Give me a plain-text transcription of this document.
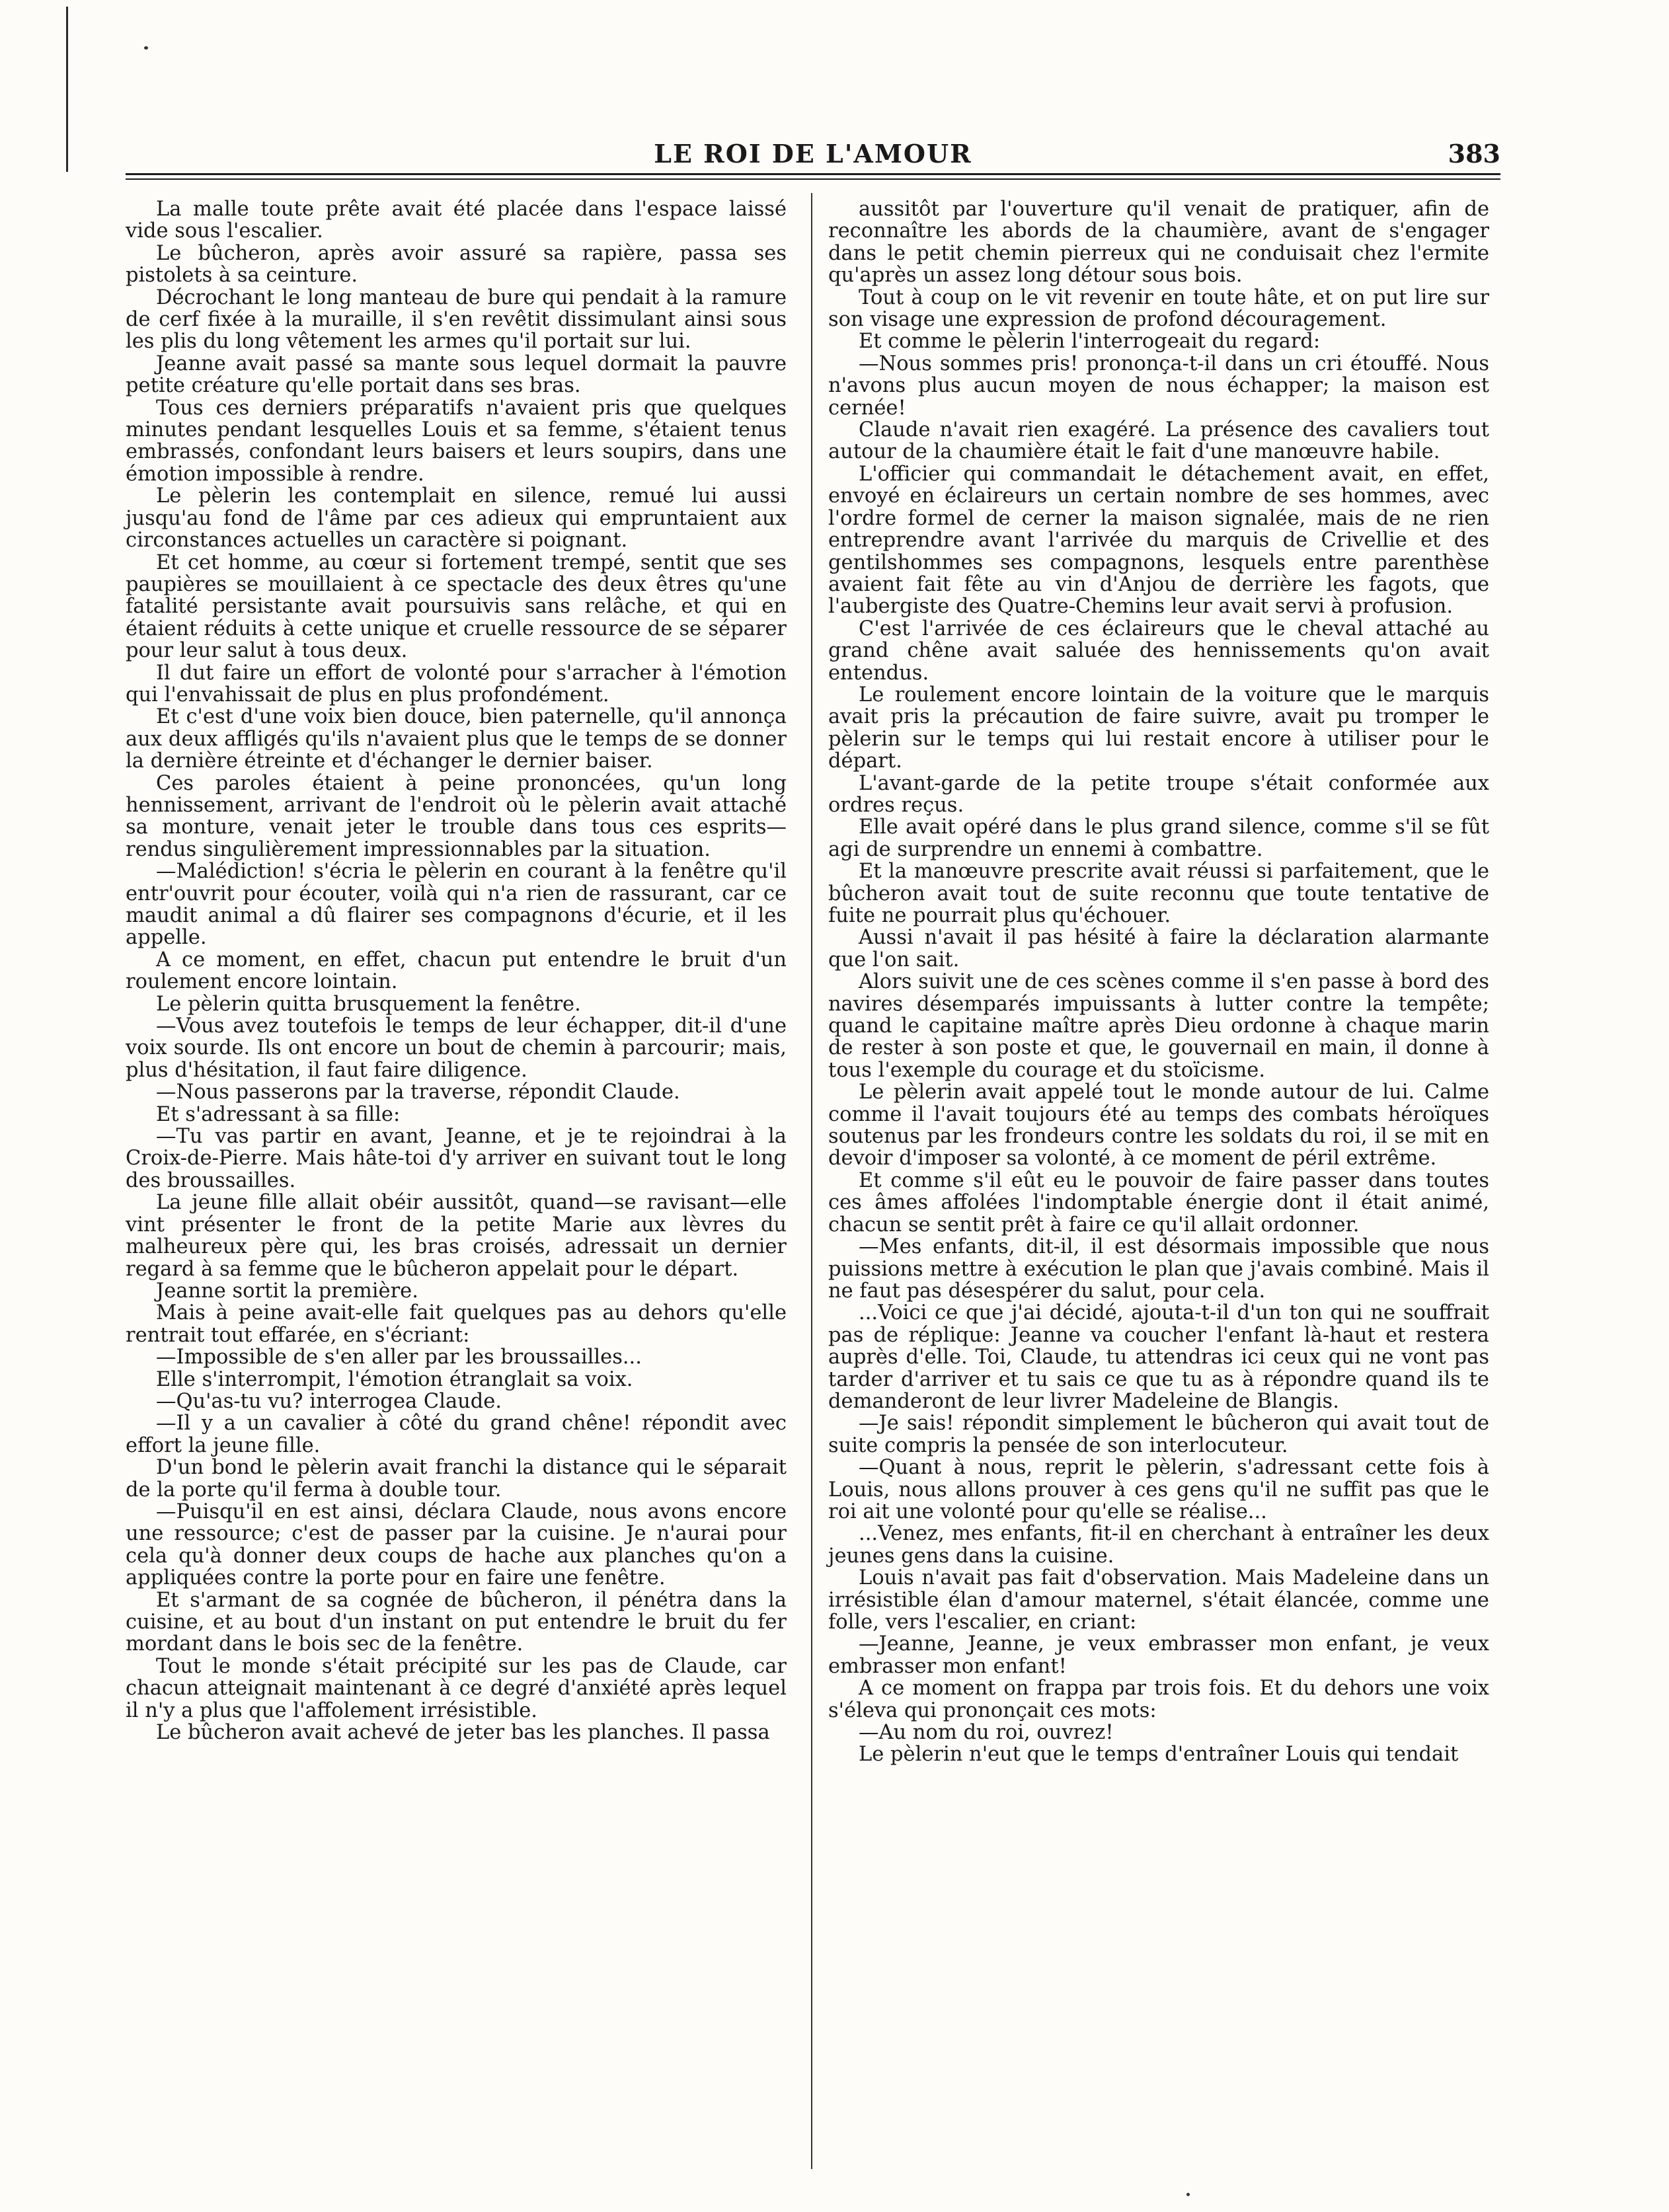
LE ROI DE L'AMOUR	383

La malle toute prête avait été placée dans l'espace laissé vide sous l'escalier.

Le bûcheron, après avoir assuré sa rapière, passa ses pistolets à sa ceinture.

Décrochant le long manteau de bure qui pendait à la ramure de cerf fixée à la muraille, il s'en revêtit dissimulant ainsi sous les plis du long vêtement les armes qu'il portait sur lui.

Jeanne avait passé sa mante sous lequel dormait la pauvre petite créature qu'elle portait dans ses bras.

Tous ces derniers préparatifs n'avaient pris que quelques minutes pendant lesquelles Louis et sa femme, s'étaient tenus embrassés, confondant leurs baisers et leurs soupirs, dans une émotion impossible à rendre.

Le pèlerin les contemplait en silence, remué lui aussi jusqu'au fond de l'âme par ces adieux qui empruntaient aux circonstances actuelles un caractère si poignant.

Et cet homme, au cœur si fortement trempé, sentit que ses paupières se mouillaient à ce spectacle des deux êtres qu'une fatalité persistante avait poursuivis sans relâche, et qui en étaient réduits à cette unique et cruelle ressource de se séparer pour leur salut à tous deux.

Il dut faire un effort de volonté pour s'arracher à l'émotion qui l'envahissait de plus en plus profondément.

Et c'est d'une voix bien douce, bien paternelle, qu'il annonça aux deux affligés qu'ils n'avaient plus que le temps de se donner la dernière étreinte et d'échanger le dernier baiser.

Ces paroles étaient à peine prononcées, qu'un long hennissement, arrivant de l'endroit où le pèlerin avait attaché sa monture, venait jeter le trouble dans tous ces esprits—rendus singulièrement impressionnables par la situation.

—Malédiction! s'écria le pèlerin en courant à la fenêtre qu'il entr'ouvrit pour écouter, voilà qui n'a rien de rassurant, car ce maudit animal a dû flairer ses compagnons d'écurie, et il les appelle.

A ce moment, en effet, chacun put entendre le bruit d'un roulement encore lointain.

Le pèlerin quitta brusquement la fenêtre.

—Vous avez toutefois le temps de leur échapper, dit-il d'une voix sourde. Ils ont encore un bout de chemin à parcourir; mais, plus d'hésitation, il faut faire diligence.

—Nous passerons par la traverse, répondit Claude.

Et s'adressant à sa fille:

—Tu vas partir en avant, Jeanne, et je te rejoindrai à la Croix-de-Pierre. Mais hâte-toi d'y arriver en suivant tout le long des broussailles.

La jeune fille allait obéir aussitôt, quand—se ravisant—elle vint présenter le front de la petite Marie aux lèvres du malheureux père qui, les bras croisés, adressait un dernier regard à sa femme que le bûcheron appelait pour le départ.

Jeanne sortit la première.

Mais à peine avait-elle fait quelques pas au dehors qu'elle rentrait tout effarée, en s'écriant:

—Impossible de s'en aller par les broussailles...

Elle s'interrompit, l'émotion étranglait sa voix.

—Qu'as-tu vu? interrogea Claude.

—Il y a un cavalier à côté du grand chêne! répondit avec effort la jeune fille.

D'un bond le pèlerin avait franchi la distance qui le séparait de la porte qu'il ferma à double tour.

—Puisqu'il en est ainsi, déclara Claude, nous avons encore une ressource; c'est de passer par la cuisine. Je n'aurai pour cela qu'à donner deux coups de hache aux planches qu'on a appliquées contre la porte pour en faire une fenêtre.

Et s'armant de sa cognée de bûcheron, il pénétra dans la cuisine, et au bout d'un instant on put entendre le bruit du fer mordant dans le bois sec de la fenêtre.

Tout le monde s'était précipité sur les pas de Claude, car chacun atteignait maintenant à ce degré d'anxiété après lequel il n'y a plus que l'affolement irrésistible.

Le bûcheron avait achevé de jeter bas les planches. Il passa

aussitôt par l'ouverture qu'il venait de pratiquer, afin de reconnaître les abords de la chaumière, avant de s'engager dans le petit chemin pierreux qui ne conduisait chez l'ermite qu'après un assez long détour sous bois.

Tout à coup on le vit revenir en toute hâte, et on put lire sur son visage une expression de profond découragement.

Et comme le pèlerin l'interrogeait du regard:

—Nous sommes pris! prononça-t-il dans un cri étouffé. Nous n'avons plus aucun moyen de nous échapper; la maison est cernée!

Claude n'avait rien exagéré. La présence des cavaliers tout autour de la chaumière était le fait d'une manœuvre habile.

L'officier qui commandait le détachement avait, en effet, envoyé en éclaireurs un certain nombre de ses hommes, avec l'ordre formel de cerner la maison signalée, mais de ne rien entreprendre avant l'arrivée du marquis de Crivellie et des gentilshommes ses compagnons, lesquels entre parenthèse avaient fait fête au vin d'Anjou de derrière les fagots, que l'aubergiste des Quatre-Chemins leur avait servi à profusion.

C'est l'arrivée de ces éclaireurs que le cheval attaché au grand chêne avait saluée des hennissements qu'on avait entendus.

Le roulement encore lointain de la voiture que le marquis avait pris la précaution de faire suivre, avait pu tromper le pèlerin sur le temps qui lui restait encore à utiliser pour le départ.

L'avant-garde de la petite troupe s'était conformée aux ordres reçus.

Elle avait opéré dans le plus grand silence, comme s'il se fût agi de surprendre un ennemi à combattre.

Et la manœuvre prescrite avait réussi si parfaitement, que le bûcheron avait tout de suite reconnu que toute tentative de fuite ne pourrait plus qu'échouer.

Aussi n'avait il pas hésité à faire la déclaration alarmante que l'on sait.

Alors suivit une de ces scènes comme il s'en passe à bord des navires désemparés impuissants à lutter contre la tempête; quand le capitaine maître après Dieu ordonne à chaque marin de rester à son poste et que, le gouvernail en main, il donne à tous l'exemple du courage et du stoïcisme.

Le pèlerin avait appelé tout le monde autour de lui. Calme comme il l'avait toujours été au temps des combats héroïques soutenus par les frondeurs contre les soldats du roi, il se mit en devoir d'imposer sa volonté, à ce moment de péril extrême.

Et comme s'il eût eu le pouvoir de faire passer dans toutes ces âmes affolées l'indomptable énergie dont il était animé, chacun se sentit prêt à faire ce qu'il allait ordonner.

—Mes enfants, dit-il, il est désormais impossible que nous puissions mettre à exécution le plan que j'avais combiné. Mais il ne faut pas désespérer du salut, pour cela.

...Voici ce que j'ai décidé, ajouta-t-il d'un ton qui ne souffrait pas de réplique: Jeanne va coucher l'enfant là-haut et restera auprès d'elle. Toi, Claude, tu attendras ici ceux qui ne vont pas tarder d'arriver et tu sais ce que tu as à répondre quand ils te demanderont de leur livrer Madeleine de Blangis.

—Je sais! répondit simplement le bûcheron qui avait tout de suite compris la pensée de son interlocuteur.

—Quant à nous, reprit le pèlerin, s'adressant cette fois à Louis, nous allons prouver à ces gens qu'il ne suffit pas que le roi ait une volonté pour qu'elle se réalise...

...Venez, mes enfants, fit-il en cherchant à entraîner les deux jeunes gens dans la cuisine.

Louis n'avait pas fait d'observation. Mais Madeleine dans un irrésistible élan d'amour maternel, s'était élancée, comme une folle, vers l'escalier, en criant:

—Jeanne, Jeanne, je veux embrasser mon enfant, je veux embrasser mon enfant!

A ce moment on frappa par trois fois. Et du dehors une voix s'éleva qui prononçait ces mots:

—Au nom du roi, ouvrez!

Le pèlerin n'eut que le temps d'entraîner Louis qui tendait
